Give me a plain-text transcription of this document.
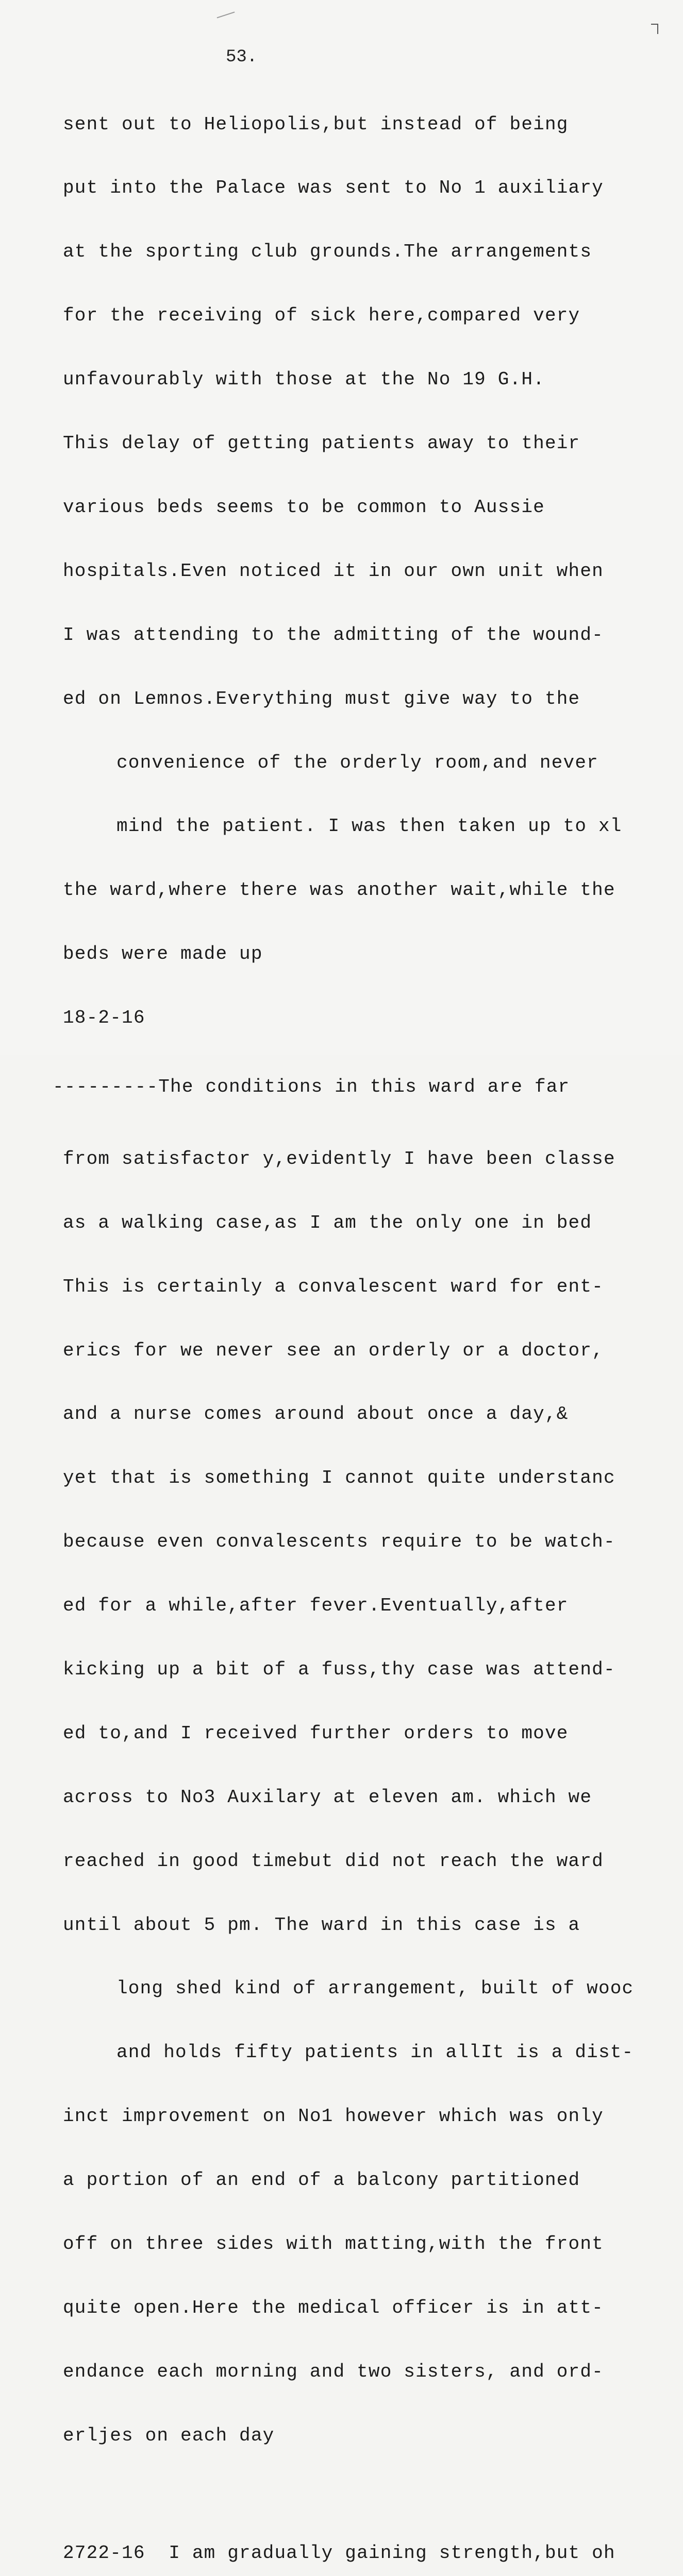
53.

sent out to Heliopolis,but instead of being

put into the Palace was sent to No 1 auxiliary

at the sporting club grounds.The arrangements

for the receiving of sick here,compared very

unfavourably with those at the No 19 G.H.

This delay of getting patients away to their

various beds seems to be common to Aussie

hospitals.Even noticed it in our own unit when

I was attending to the admitting of the wound-

ed on Lemnos.Everything must give way to the

convenience of the orderly room,and never

mind the patient. I was then taken up to xl

the ward,where there was another wait,while the

beds were made up

18-2-16

---------The conditions in this ward are far

from satisfactor y,evidently I have been classe

as a walking case,as I am the only one in bed

This is certainly a convalescent ward for ent-

erics for we never see an orderly or a doctor,

and a nurse comes around about once a day,&

yet that is something I cannot quite understanc

because even convalescents require to be watch-

ed for a while,after fever.Eventually,after

kicking up a bit of a fuss,thy case was attend-

ed to,and I received further orders to move

across to No3 Auxilary at eleven am. which we

reached in good timebut did not reach the ward

until about 5 pm. The ward in this case is a

long shed kind of arrangement, built of wooc

and holds fifty patients in allIt is a dist-

inct improvement on No1 however which was only

a portion of an end of a balcony partitioned

off on three sides with matting,with the front

quite open.Here the medical officer is in att-

endance each morning and two sisters, and ord-

erljes on each day

2722-16  I am gradually gaining strength,but oh
